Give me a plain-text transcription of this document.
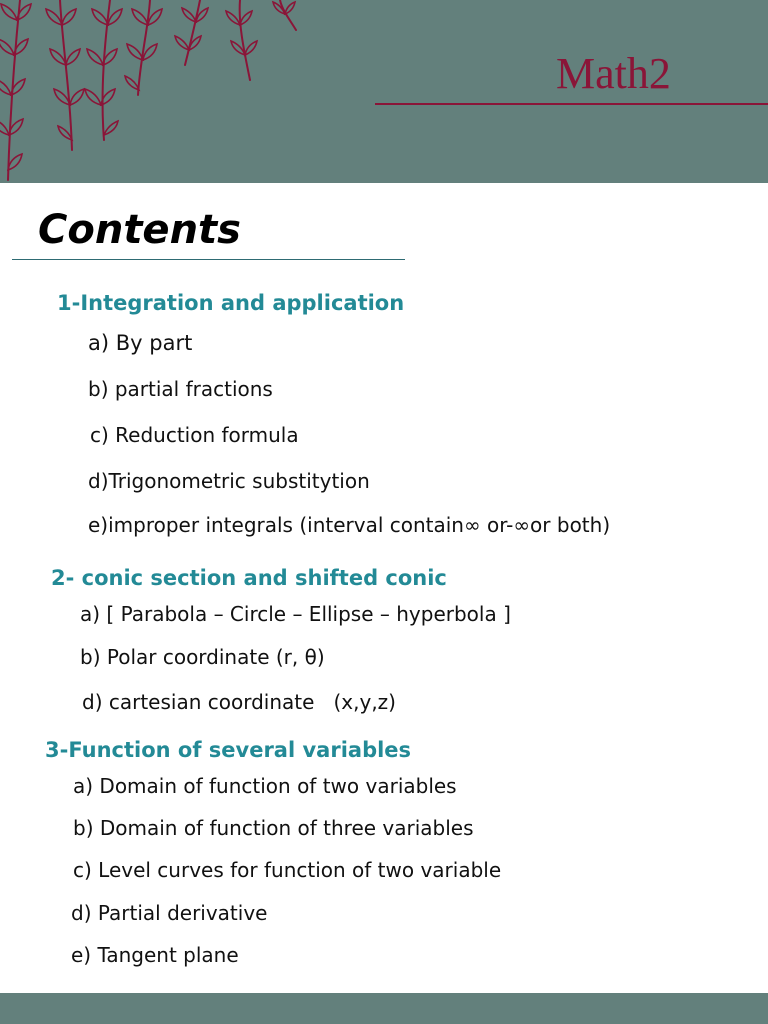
Math2
Contents
1-Integration and application
a) By part
b) partial fractions
c) Reduction formula
d)Trigonometric substitytion
e)improper integrals (interval contain∞ or-∞or both)
2- conic section and shifted conic
a) [ Parabola – Circle – Ellipse – hyperbola ]
b) Polar coordinate (r, θ)
d) cartesian coordinate   (x,y,z)
3-Function of several variables
a) Domain of function of two variables
b) Domain of function of three variables
c) Level curves for function of two variable
d) Partial derivative
e) Tangent plane
